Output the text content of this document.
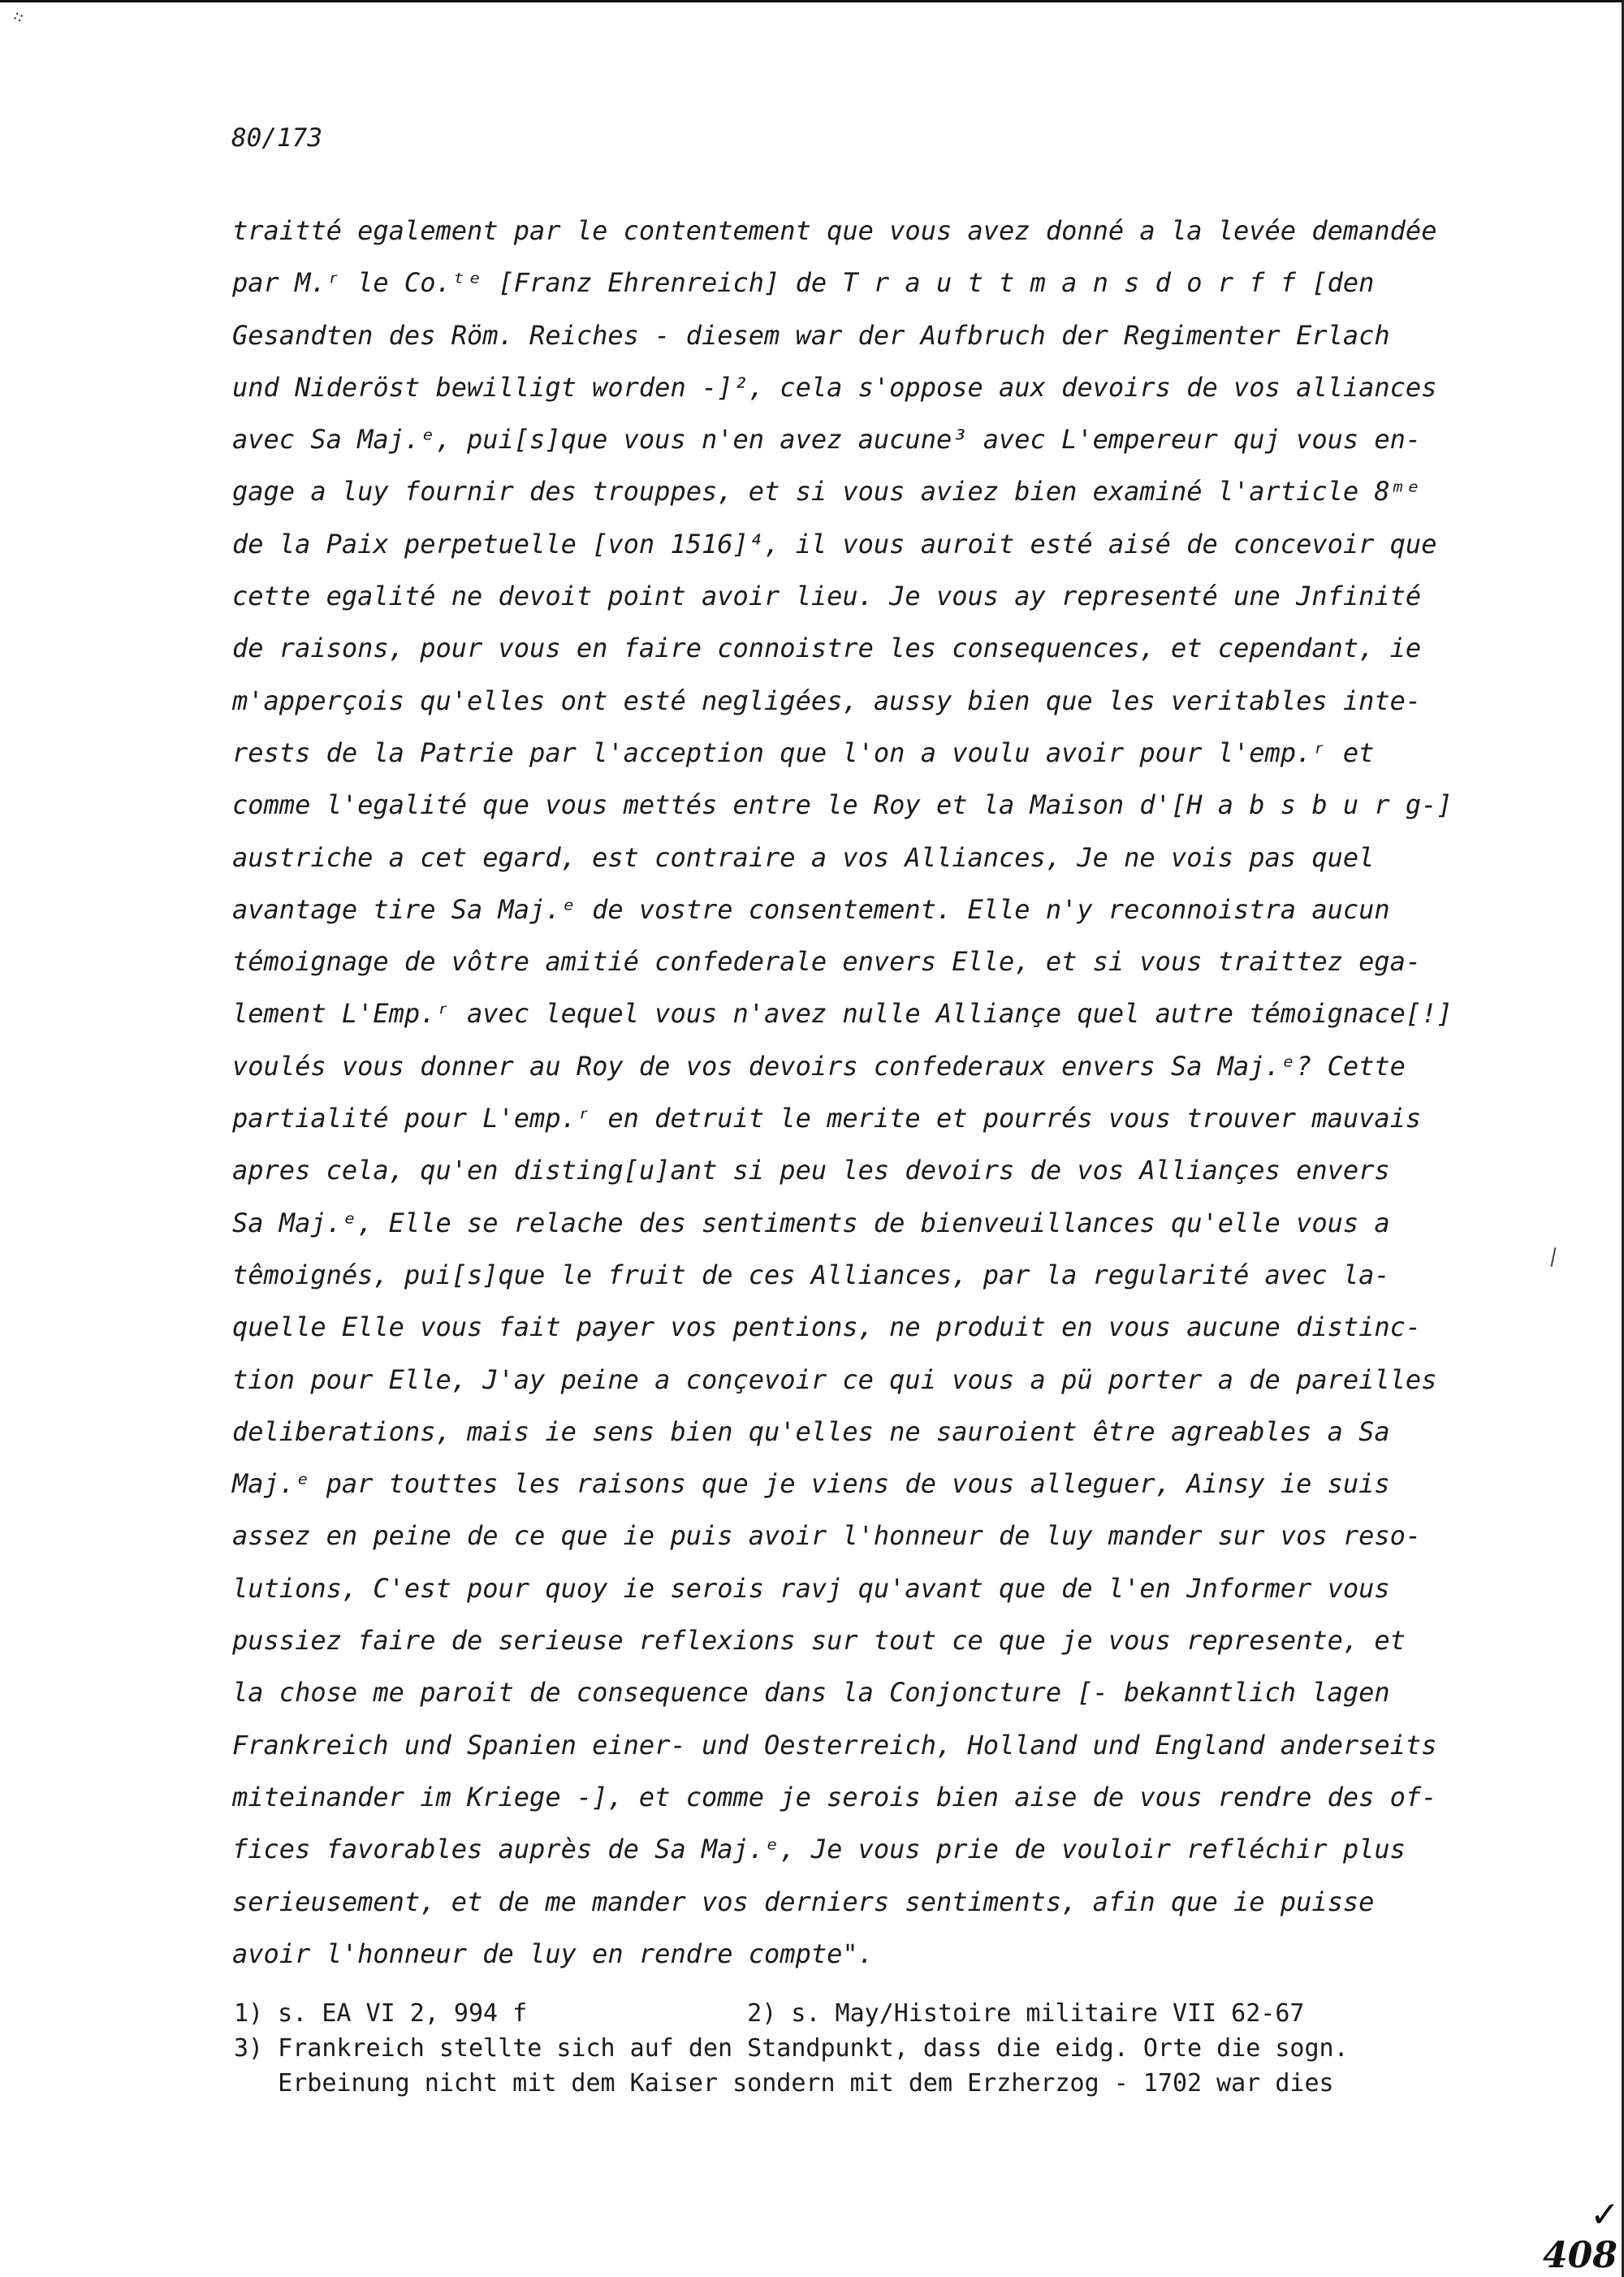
⁘
80/173
traitté egalement par le contentement que vous avez donné a la levée demandée
par M.ʳ le Co.ᵗᵉ [Franz Ehrenreich] de T r a u t t m a n s d o r f f [den
Gesandten des Röm. Reiches - diesem war der Aufbruch der Regimenter Erlach
und Nideröst bewilligt worden -]², cela s'oppose aux devoirs de vos alliances
avec Sa Maj.ᵉ, pui[s]que vous n'en avez aucune³ avec L'empereur quj vous en-
gage a luy fournir des trouppes, et si vous aviez bien examiné l'article 8ᵐᵉ
de la Paix perpetuelle [von 1516]⁴, il vous auroit esté aisé de concevoir que
cette egalité ne devoit point avoir lieu. Je vous ay representé une Jnfinité
de raisons, pour vous en faire connoistre les consequences, et cependant, ie
m'apperçois qu'elles ont esté negligées, aussy bien que les veritables inte-
rests de la Patrie par l'acception que l'on a voulu avoir pour l'emp.ʳ et
comme l'egalité que vous mettés entre le Roy et la Maison d'[H a b s b u r g-]
austriche a cet egard, est contraire a vos Alliances, Je ne vois pas quel
avantage tire Sa Maj.ᵉ de vostre consentement. Elle n'y reconnoistra aucun
témoignage de vôtre amitié confederale envers Elle, et si vous traittez ega-
lement L'Emp.ʳ avec lequel vous n'avez nulle Alliançe quel autre témoignace[!]
voulés vous donner au Roy de vos devoirs confederaux envers Sa Maj.ᵉ? Cette
partialité pour L'emp.ʳ en detruit le merite et pourrés vous trouver mauvais
apres cela, qu'en disting[u]ant si peu les devoirs de vos Alliançes envers
Sa Maj.ᵉ, Elle se relache des sentiments de bienveuillances qu'elle vous a
têmoignés, pui[s]que le fruit de ces Alliances, par la regularité avec la-
quelle Elle vous fait payer vos pentions, ne produit en vous aucune distinc-
tion pour Elle, J'ay peine a conçevoir ce qui vous a pü porter a de pareilles
deliberations, mais ie sens bien qu'elles ne sauroient être agreables a Sa
Maj.ᵉ par touttes les raisons que je viens de vous alleguer, Ainsy ie suis
assez en peine de ce que ie puis avoir l'honneur de luy mander sur vos reso-
lutions, C'est pour quoy ie serois ravj qu'avant que de l'en Jnformer vous
pussiez faire de serieuse reflexions sur tout ce que je vous represente, et
la chose me paroit de consequence dans la Conjoncture [- bekanntlich lagen
Frankreich und Spanien einer- und Oesterreich, Holland und England anderseits
miteinander im Kriege -], et comme je serois bien aise de vous rendre des of-
fices favorables auprès de Sa Maj.ᵉ, Je vous prie de vouloir refléchir plus
serieusement, et de me mander vos derniers sentiments, afin que ie puisse
avoir l'honneur de luy en rendre compte".
1) s. EA VI 2, 994 f               2) s. May/Histoire militaire VII 62-67
3) Frankreich stellte sich auf den Standpunkt, dass die eidg. Orte die sogn.
Erbeinung nicht mit dem Kaiser sondern mit dem Erzherzog - 1702 war dies
✓
408
